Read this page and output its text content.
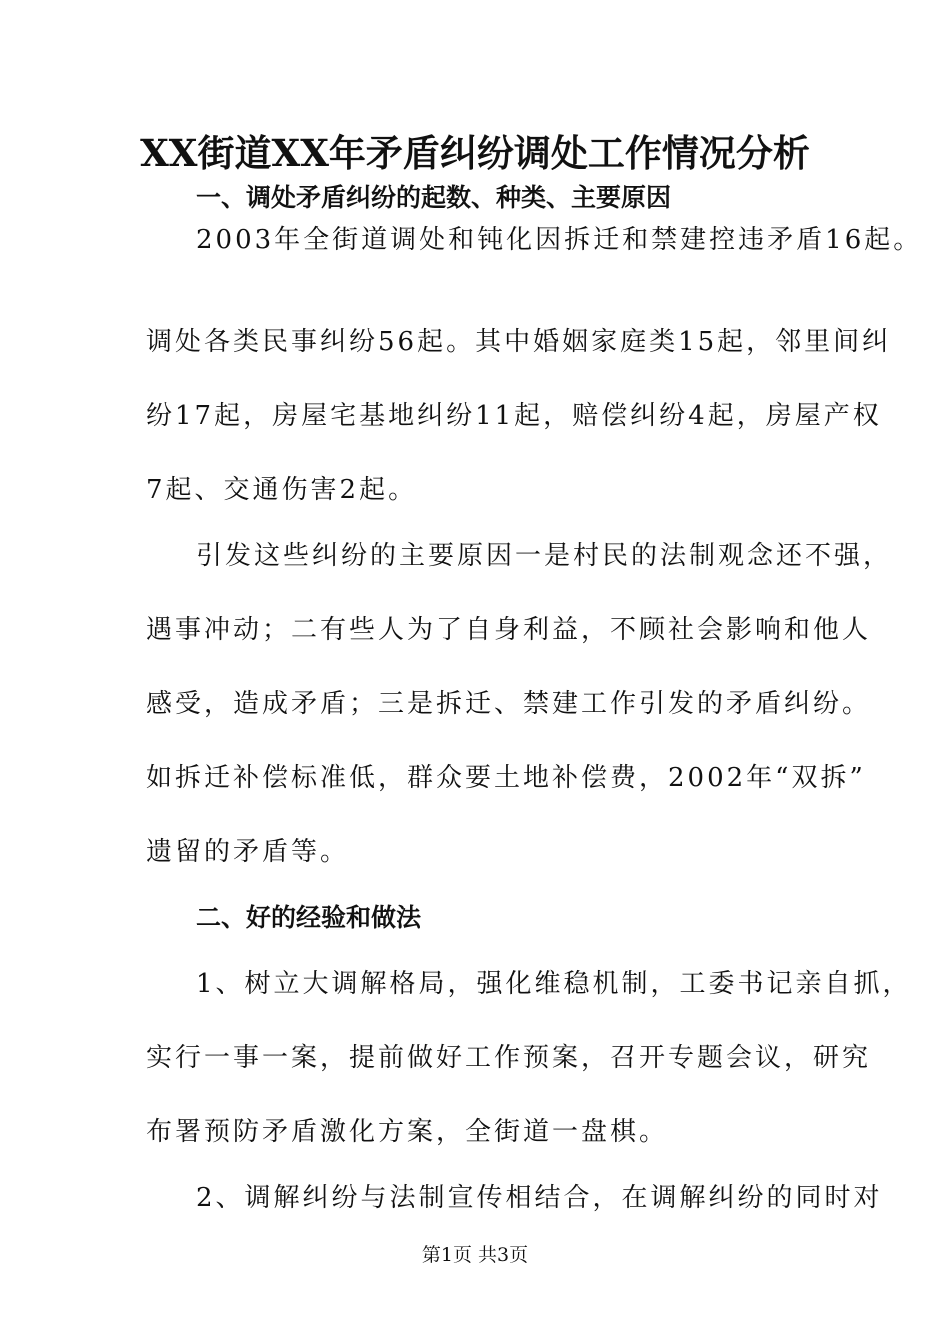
XX街道XX年矛盾纠纷调处工作情况分析
一、调处矛盾纠纷的起数、种类、主要原因
2003年全街道调处和钝化因拆迁和禁建控违矛盾16起。
调处各类民事纠纷56起。其中婚姻家庭类15起，邻里间纠
纷17起，房屋宅基地纠纷11起，赔偿纠纷4起，房屋产权
7起、交通伤害2起。
引发这些纠纷的主要原因一是村民的法制观念还不强，
遇事冲动；二有些人为了自身利益，不顾社会影响和他人
感受，造成矛盾；三是拆迁、禁建工作引发的矛盾纠纷。
如拆迁补偿标准低，群众要土地补偿费，2002年“双拆”
遗留的矛盾等。
二、好的经验和做法
1、树立大调解格局，强化维稳机制，工委书记亲自抓，
实行一事一案，提前做好工作预案，召开专题会议，研究
布署预防矛盾激化方案，全街道一盘棋。
2、调解纠纷与法制宣传相结合，在调解纠纷的同时对
第1页 共3页
